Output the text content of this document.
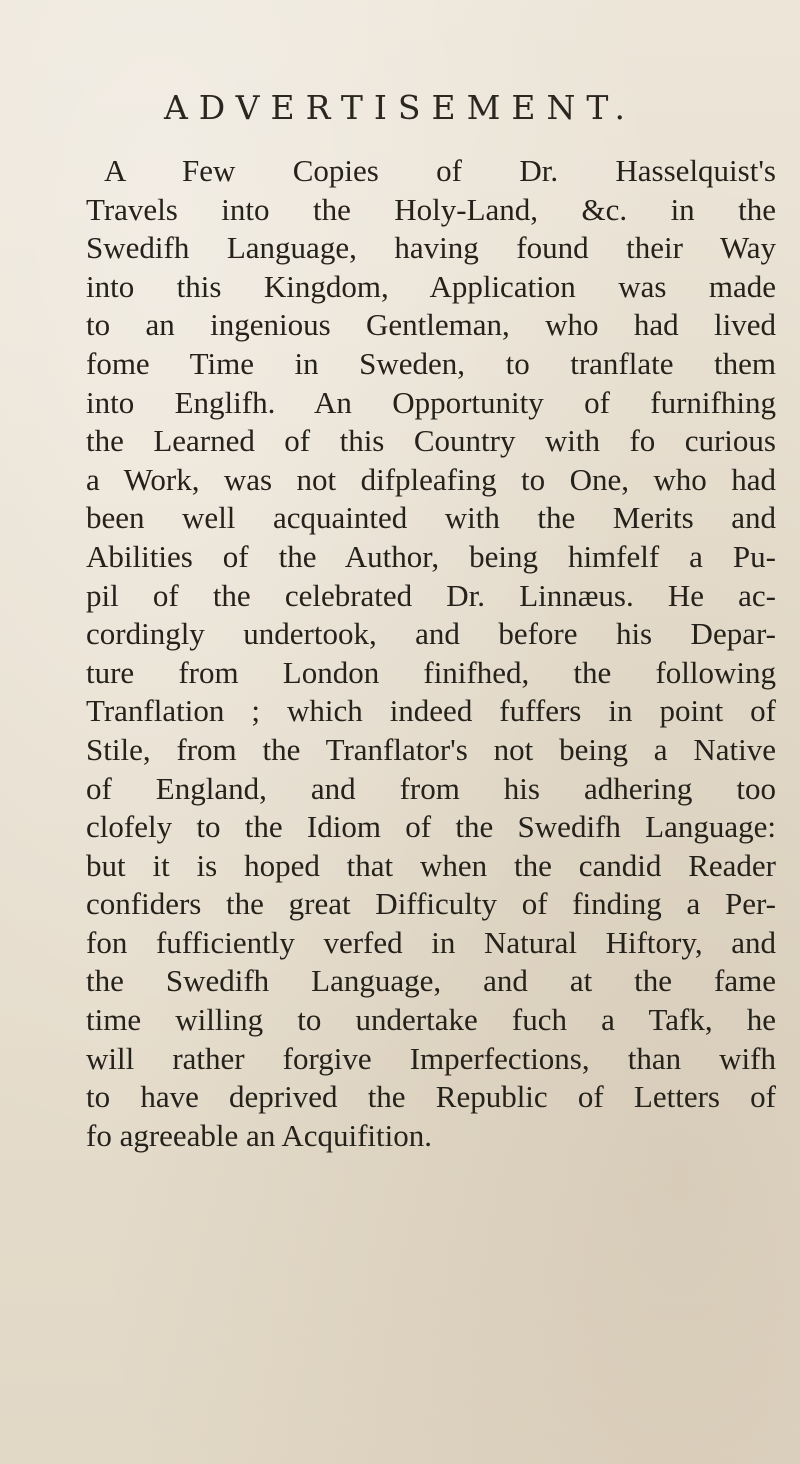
ADVERTISEMENT.
A Few Copies of Dr. Hasselquist's
Travels into the Holy-Land, &c. in the
Swedifh Language, having found their Way
into this Kingdom, Application was made
to an ingenious Gentleman, who had lived
fome Time in Sweden, to tranflate them
into Englifh. An Opportunity of furnifhing
the Learned of this Country with fo curious
a Work, was not difpleafing to One, who had
been well acquainted with the Merits and
Abilities of the Author, being himfelf a Pu-
pil of the celebrated Dr. Linnæus. He ac-
cordingly undertook, and before his Depar-
ture from London finifhed, the following
Tranflation ; which indeed fuffers in point of
Stile, from the Tranflator's not being a Native
of England, and from his adhering too
clofely to the Idiom of the Swedifh Language:
but it is hoped that when the candid Reader
confiders the great Difficulty of finding a Per-
fon fufficiently verfed in Natural Hiftory, and
the Swedifh Language, and at the fame
time willing to undertake fuch a Tafk, he
will rather forgive Imperfections, than wifh
to have deprived the Republic of Letters of
fo agreeable an Acquifition.
